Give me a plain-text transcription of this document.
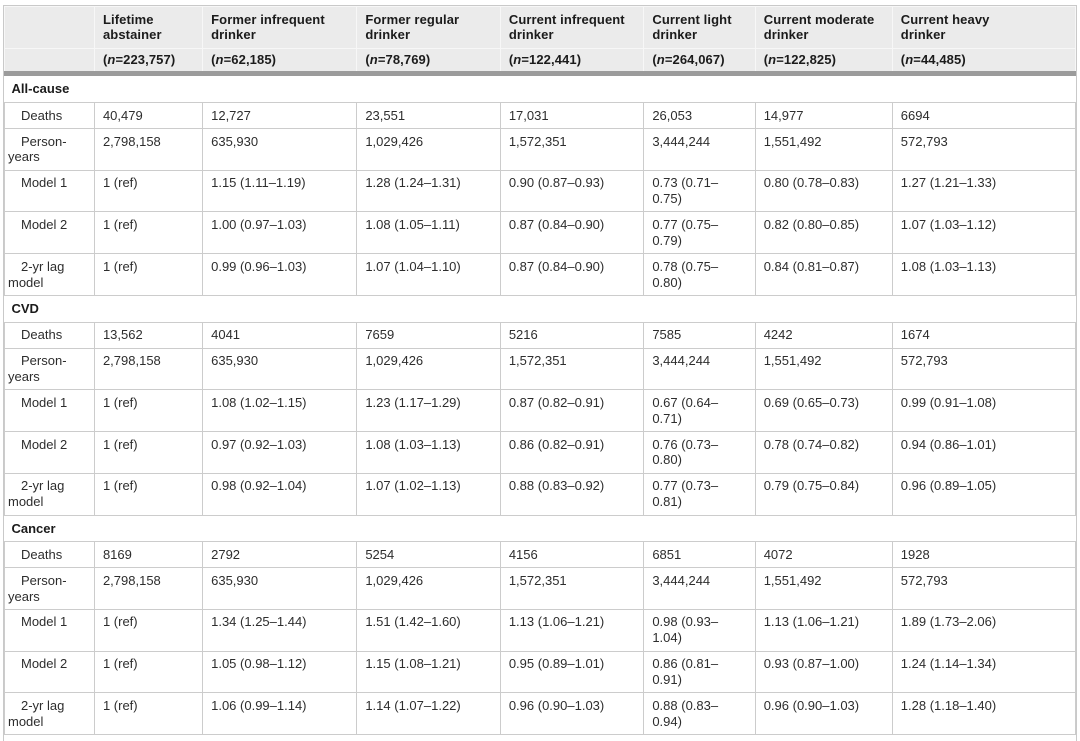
	Lifetime abstainer	Former infrequent drinker	Former regular drinker	Current infrequent drinker	Current light drinker	Current moderate drinker	Current heavy drinker
	(n=223,757)	(n=62,185)	(n=78,769)	(n=122,441)	(n=264,067)	(n=122,825)	(n=44,485)
All-cause							
Deaths	40,479	12,727	23,551	17,031	26,053	14,977	6694
Person-years	2,798,158	635,930	1,029,426	1,572,351	3,444,244	1,551,492	572,793
Model 1	1 (ref)	1.15 (1.11–1.19)	1.28 (1.24–1.31)	0.90 (0.87–0.93)	0.73 (0.71–0.75)	0.80 (0.78–0.83)	1.27 (1.21–1.33)
Model 2	1 (ref)	1.00 (0.97–1.03)	1.08 (1.05–1.11)	0.87 (0.84–0.90)	0.77 (0.75–0.79)	0.82 (0.80–0.85)	1.07 (1.03–1.12)
2-yr lag model	1 (ref)	0.99 (0.96–1.03)	1.07 (1.04–1.10)	0.87 (0.84–0.90)	0.78 (0.75–0.80)	0.84 (0.81–0.87)	1.08 (1.03–1.13)
CVD							
Deaths	13,562	4041	7659	5216	7585	4242	1674
Person-years	2,798,158	635,930	1,029,426	1,572,351	3,444,244	1,551,492	572,793
Model 1	1 (ref)	1.08 (1.02–1.15)	1.23 (1.17–1.29)	0.87 (0.82–0.91)	0.67 (0.64–0.71)	0.69 (0.65–0.73)	0.99 (0.91–1.08)
Model 2	1 (ref)	0.97 (0.92–1.03)	1.08 (1.03–1.13)	0.86 (0.82–0.91)	0.76 (0.73–0.80)	0.78 (0.74–0.82)	0.94 (0.86–1.01)
2-yr lag model	1 (ref)	0.98 (0.92–1.04)	1.07 (1.02–1.13)	0.88 (0.83–0.92)	0.77 (0.73–0.81)	0.79 (0.75–0.84)	0.96 (0.89–1.05)
Cancer							
Deaths	8169	2792	5254	4156	6851	4072	1928
Person-years	2,798,158	635,930	1,029,426	1,572,351	3,444,244	1,551,492	572,793
Model 1	1 (ref)	1.34 (1.25–1.44)	1.51 (1.42–1.60)	1.13 (1.06–1.21)	0.98 (0.93–1.04)	1.13 (1.06–1.21)	1.89 (1.73–2.06)
Model 2	1 (ref)	1.05 (0.98–1.12)	1.15 (1.08–1.21)	0.95 (0.89–1.01)	0.86 (0.81–0.91)	0.93 (0.87–1.00)	1.24 (1.14–1.34)
2-yr lag model	1 (ref)	1.06 (0.99–1.14)	1.14 (1.07–1.22)	0.96 (0.90–1.03)	0.88 (0.83–0.94)	0.96 (0.90–1.03)	1.28 (1.18–1.40)
